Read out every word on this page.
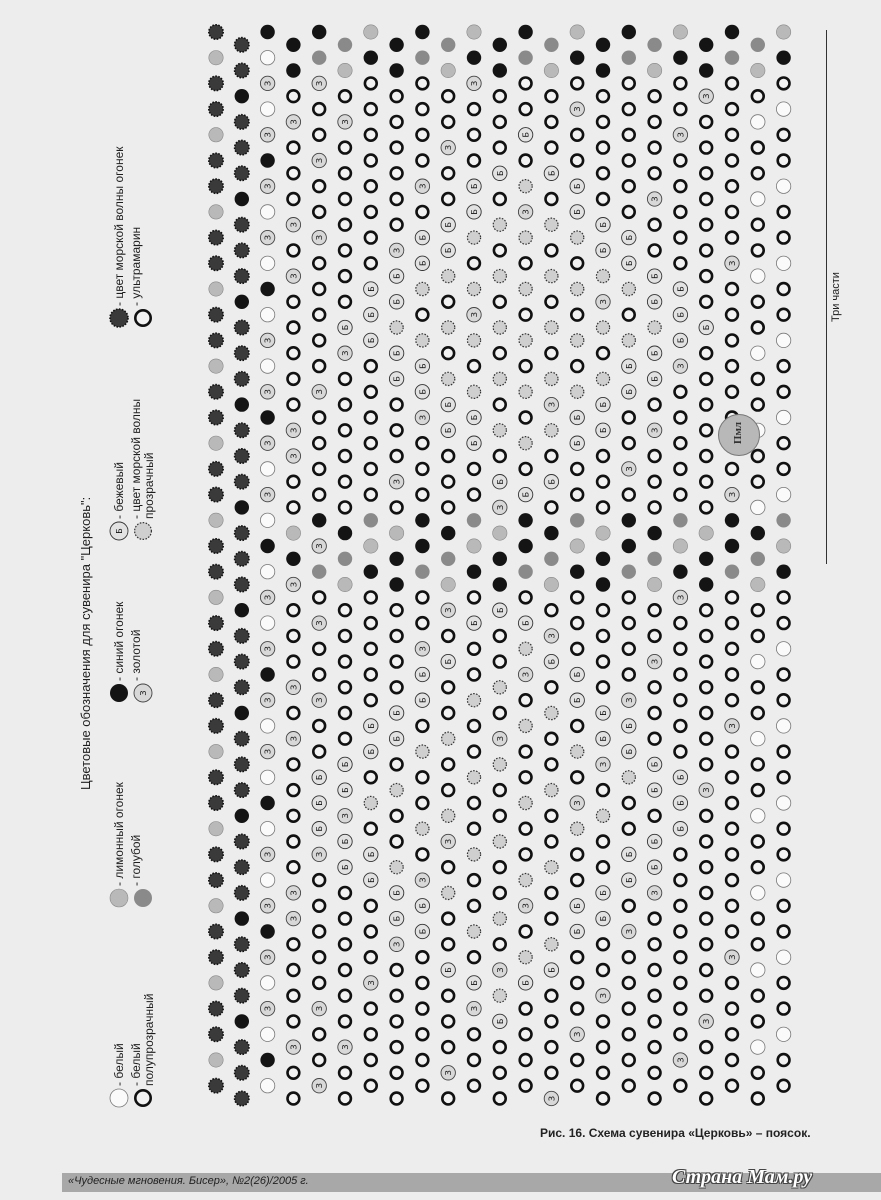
З	З	З
З
З	З
З
З
З
Б	З
З
Б	Б
З	З	Б	Б
З
З	Б
Б	З	Б
Б
З	З
З
Б
Б	Б
Б
З	Б
Б	Б
Б
З
Б
Б	З	Б
Б
Б
Б	З	Б
Б
З
З
Б
Б	Б
Б
Б
Б	Б
Б
З
З	З	Б
Б	З	Б
Б
З
З
Б
Б	Б
Б	З
З
З
Б	Б
З	Б	Б
З
З
З
Б	З
З
З
З
З	Б
З
З	Б	Б
З
З	З
Б	Б	З
З
Б	З	Б
З	З
Б
Б	Б
Б
З
З
Б
Б	З	Б
Б	З
З
Б
Б
З
Б
Б
Б
Б	Б
Б
З
Б
З
З	Б
Б
Б	З	Б
Б
З	З
Б
Б	Б
Б
З
Б
Б
З
Б
Б
З
З
З	Б
Б	З	Б
Б
З
Б	Б	З
З
Б	З	Б
З
З	Б	Б
З
З	З	З
Б	З
З	З
З
З
З
З
З
Цветовые обозначения для сувенира "Церковь":	З
Б
- белый - белый полупрозрачный
- лимонный огонек - голубой
- синий огонек - золотой
- бежевый - цвет морской волны прозрачный
- цвет морской волны огонек - ультрамарин	Три части
Пмл
Рис. 16. Схема сувенира «Церковь» – поясок.
«Чудесные мгновения. Бисер», №2(26)/2005 г.	Страна Мам.ру
